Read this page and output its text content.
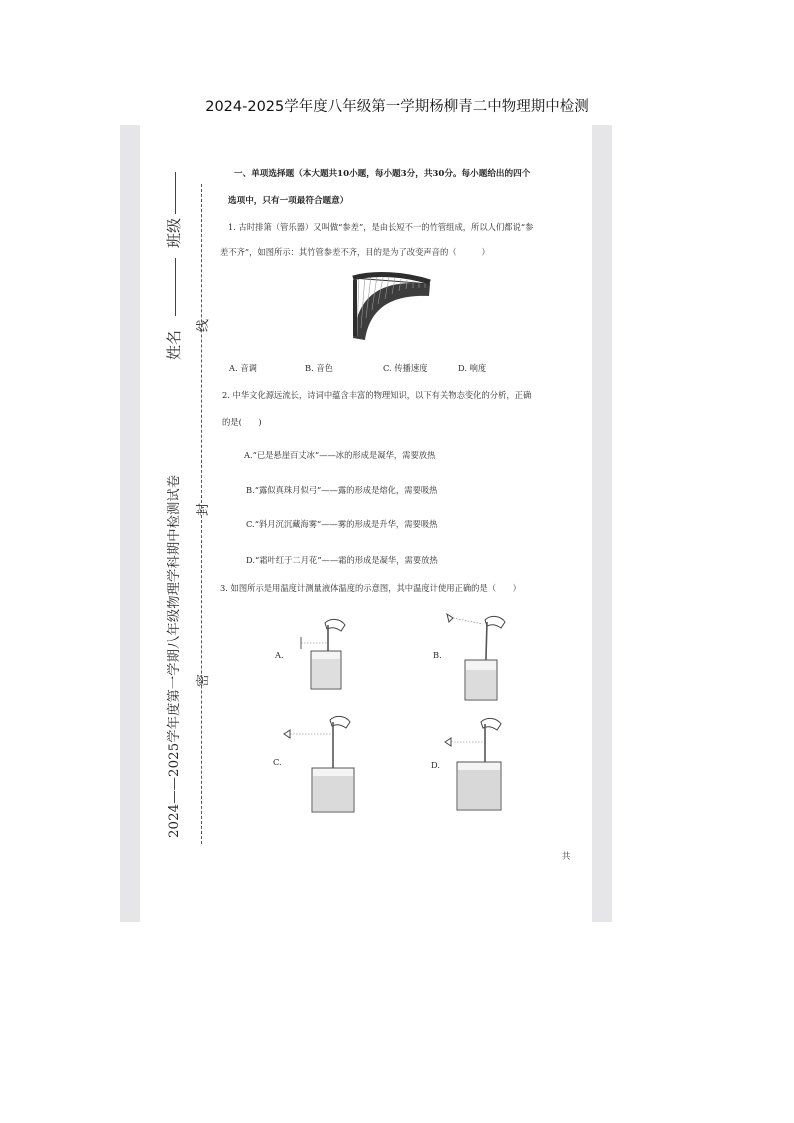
2024-2025学年度八年级第一学期杨柳青二中物理期中检测
班级
姓名
2024——2025学年度第一学期八年级物理学科期中检测试卷
线
封
密
一、单项选择题（本大题共10小题，每小题3分，共30分。每小题给出的四个
选项中，只有一项最符合题意）
1. 古时排箫（管乐器）又叫做“参差”，是由长短不一的竹管组成，所以人们都说“参
差不齐”，如图所示：其竹管参差不齐，目的是为了改变声音的（　　　）
A. 音调	B. 音色	C. 传播速度	D. 响度
2. 中华文化源远流长，诗词中蕴含丰富的物理知识，以下有关物态变化的分析，正确
的是(　　)
A.“已是悬崖百丈冰”——冰的形成是凝华，需要放热
B.“露似真珠月似弓”——露的形成是熔化，需要吸热
C.“斜月沉沉藏海雾”——雾的形成是升华，需要吸热
D.“霜叶红于二月花”——霜的形成是凝华，需要放热
3. 如图所示是用温度计测量液体温度的示意图，其中温度计使用正确的是（　　）
A.	B.
C.	D.
共
